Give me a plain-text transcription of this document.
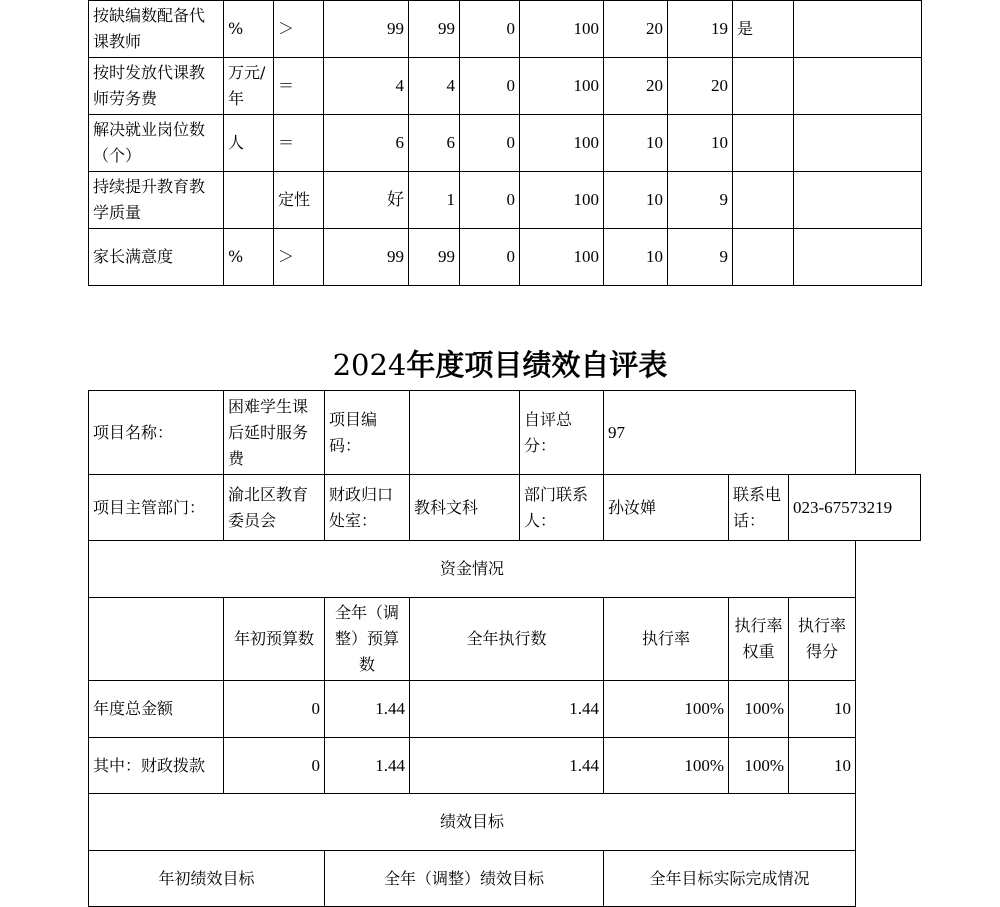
按缺编数配备代课教师	%	＞	99	99	0	100	20	19	是	
按时发放代课教师劳务费	万元/年	＝	4	4	0	100	20	20		
解决就业岗位数（个）	人	＝	6	6	0	100	10	10		
持续提升教育教学质量		定性	好	1	0	100	10	9		
家长满意度	%	＞	99	99	0	100	10	9		
2024年度项目绩效自评表
项目名称：	困难学生课后延时服务费	项目编码：		自评总分：	97		
项目主管部门：	渝北区教育委员会	财政归口处室：	教科文科	部门联系人：	孙汝婵	联系电话：	023-67573219
资金情况							
	年初预算数	全年（调整）预算数	全年执行数		执行率	执行率权重	执行率得分
年度总金额	0	1.44	1.44		100%	100%	10
其中：财政拨款	0	1.44	1.44		100%	100%	10
绩效目标							
年初绩效目标		全年（调整）绩效目标			全年目标实际完成情况		
